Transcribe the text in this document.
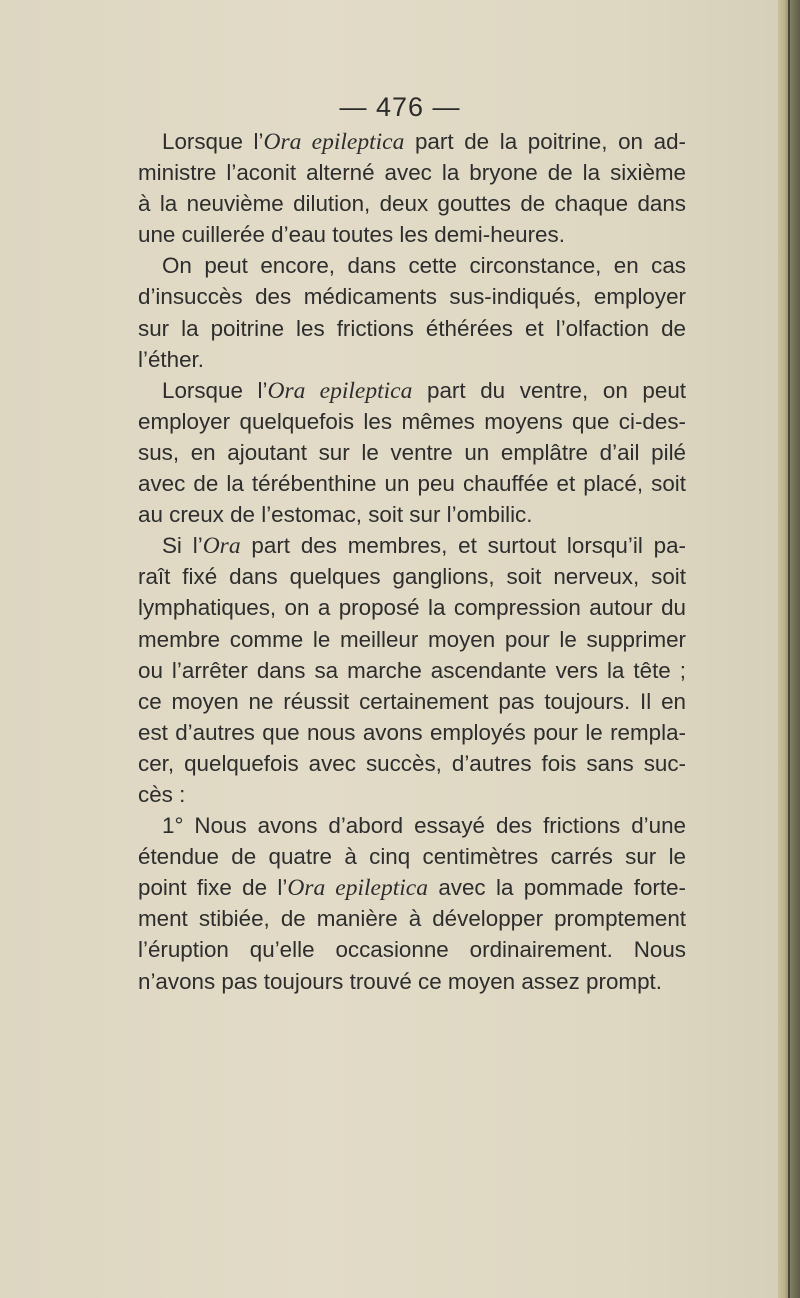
— 476 —
Lorsque l’Ora epileptica part de la poitrine, on ad-
ministre l’aconit alterné avec la bryone de la sixième
à la neuvième dilution, deux gouttes de chaque dans
une cuillerée d’eau toutes les demi-heures.
On peut encore, dans cette circonstance, en cas
d’insuccès des médicaments sus-indiqués, employer
sur la poitrine les frictions éthérées et l’olfaction de
l’éther.
Lorsque l’Ora epileptica part du ventre, on peut
employer quelquefois les mêmes moyens que ci-des-
sus, en ajoutant sur le ventre un emplâtre d’ail pilé
avec de la térébenthine un peu chauffée et placé, soit
au creux de l’estomac, soit sur l’ombilic.
Si l’Ora part des membres, et surtout lorsqu’il pa-
raît fixé dans quelques ganglions, soit nerveux, soit
lymphatiques, on a proposé la compression autour du
membre comme le meilleur moyen pour le supprimer
ou l’arrêter dans sa marche ascendante vers la tête ;
ce moyen ne réussit certainement pas toujours. Il en
est d’autres que nous avons employés pour le rempla-
cer, quelquefois avec succès, d’autres fois sans suc-
cès :
1° Nous avons d’abord essayé des frictions d’une
étendue de quatre à cinq centimètres carrés sur le
point fixe de l’Ora epileptica avec la pommade forte-
ment stibiée, de manière à développer promptement
l’éruption qu’elle occasionne ordinairement. Nous
n’avons pas toujours trouvé ce moyen assez prompt.
